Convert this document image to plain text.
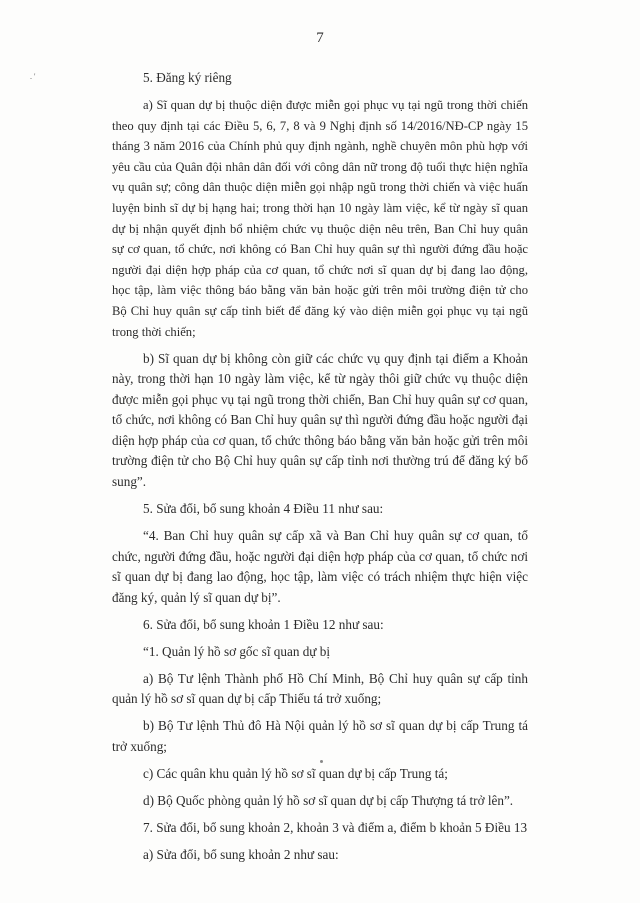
7
. '	5. Đăng ký riêng

a) Sĩ quan dự bị thuộc diện được miễn gọi phục vụ tại ngũ trong thời chiến theo quy định tại các Điều 5, 6, 7, 8 và 9 Nghị định số 14/2016/NĐ-CP ngày 15 tháng 3 năm 2016 của Chính phủ quy định ngành, nghề chuyên môn phù hợp với yêu cầu của Quân đội nhân dân đối với công dân nữ trong độ tuổi thực hiện nghĩa vụ quân sự; công dân thuộc diện miễn gọi nhập ngũ trong thời chiến và việc huấn luyện binh sĩ dự bị hạng hai; trong thời hạn 10 ngày làm việc, kể từ ngày sĩ quan dự bị nhận quyết định bổ nhiệm chức vụ thuộc diện nêu trên, Ban Chỉ huy quân sự cơ quan, tổ chức, nơi không có Ban Chỉ huy quân sự thì người đứng đầu hoặc người đại diện hợp pháp của cơ quan, tổ chức nơi sĩ quan dự bị đang lao động, học tập, làm việc thông báo bằng văn bản hoặc gửi trên môi trường điện tử cho Bộ Chỉ huy quân sự cấp tỉnh biết để đăng ký vào diện miễn gọi phục vụ tại ngũ trong thời chiến;

b) Sĩ quan dự bị không còn giữ các chức vụ quy định tại điểm a Khoản này, trong thời hạn 10 ngày làm việc, kể từ ngày thôi giữ chức vụ thuộc diện được miễn gọi phục vụ tại ngũ trong thời chiến, Ban Chỉ huy quân sự cơ quan, tổ chức, nơi không có Ban Chỉ huy quân sự thì người đứng đầu hoặc người đại diện hợp pháp của cơ quan, tổ chức thông báo bằng văn bản hoặc gửi trên môi trường điện tử cho Bộ Chỉ huy quân sự cấp tỉnh nơi thường trú để đăng ký bổ sung”.

5. Sửa đổi, bổ sung khoản 4 Điều 11 như sau:

“4. Ban Chỉ huy quân sự cấp xã và Ban Chỉ huy quân sự cơ quan, tổ chức, người đứng đầu, hoặc người đại diện hợp pháp của cơ quan, tổ chức nơi sĩ quan dự bị đang lao động, học tập, làm việc có trách nhiệm thực hiện việc đăng ký, quản lý sĩ quan dự bị”.

6. Sửa đổi, bổ sung khoản 1 Điều 12 như sau:

“1. Quản lý hồ sơ gốc sĩ quan dự bị

a) Bộ Tư lệnh Thành phố Hồ Chí Minh, Bộ Chỉ huy quân sự cấp tỉnh quản lý hồ sơ sĩ quan dự bị cấp Thiếu tá trở xuống;

b) Bộ Tư lệnh Thủ đô Hà Nội quản lý hồ sơ sĩ quan dự bị cấp Trung tá trở xuống;

c) Các quân khu quản lý hồ sơ sĩ quan dự bị cấp Trung tá;

d) Bộ Quốc phòng quản lý hồ sơ sĩ quan dự bị cấp Thượng tá trở lên”.

7. Sửa đổi, bổ sung khoản 2, khoản 3 và điểm a, điểm b khoản 5 Điều 13

a) Sửa đổi, bổ sung khoản 2 như sau:
